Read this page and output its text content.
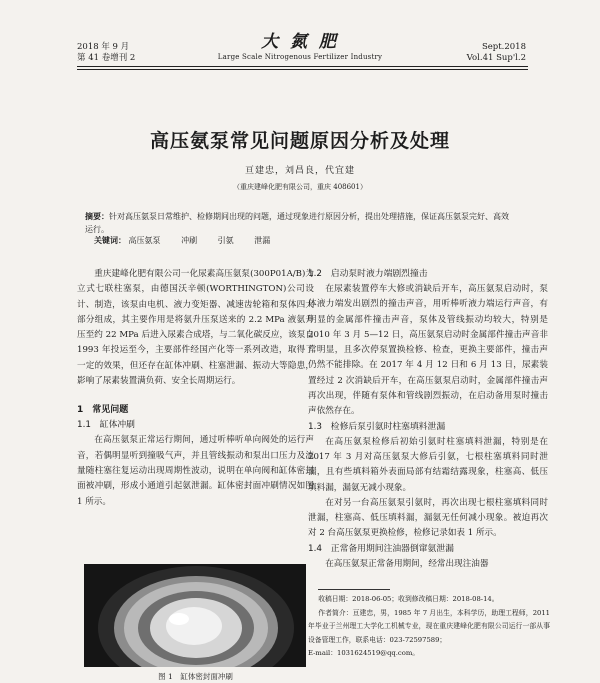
2018 年 9 月
第 41 卷增刊 2
大 氮 肥
Large Scale Nitrogenous Fertilizer Industry
Sept.2018
Vol.41 Sup'l.2
高压氨泵常见问题原因分析及处理
亘建忠，刘昌良，代宜建
（重庆建峰化肥有限公司，重庆 408601）
摘要：针对高压氨泵日常维护、检修期间出现的问题，通过现象进行原因分析，提出处理措施，保证高压氨泵完好、高效运行。
关键词： 高压氨泵	冲刷	引氨	泄漏

重庆建峰化肥有限公司一化尿素高压氨泵(300P01A/B)为立式七联柱塞泵，由德国沃辛顿(WORTHINGTON)公司设计、制造，该泵由电机、液力变矩器、减速齿轮箱和泵体四大部分组成，其主要作用是将氨升压泵送来的 2.2 MPa 液氨升压至约 22 MPa 后进入尿素合成塔，与二氧化碳反应，该泵自 1993 年投运至今，主要部件经国产化等一系列改造，取得了一定的效果，但还存在缸体冲刷、柱塞泄漏、振动大等隐患，影响了尿素装置满负荷、安全长周期运行。

1　常见问题
1.1　缸体冲刷

在高压氨泵正常运行期间，通过听棒听单向阀处的运行声音，若偶明显听到撞吸气声，并且管线振动和泵出口压力及流量随柱塞往复运动出现周期性波动，说明在单向阀和缸体密封面被冲刷，形成小通道引起氨泄漏。缸体密封面冲刷情况如图 1 所示。

图 1　缸体密封面冲刷
1.2　启动泵时液力端剧烈撞击

在尿素装置停车大修或消缺后开车，高压氨泵启动时，泵体液力端发出剧烈的撞击声音，用听棒听液力端运行声音，有明显的金属部件撞击声音，泵体及管线振动均较大，特别是 2010 年 3 月 5—12 日，高压氨泵启动时金属部件撞击声音非常明显，且多次停泵置换检修、检查，更换主要部件，撞击声仍然不能排除。在 2017 年 4 月 12 日和 6 月 13 日，尿素装置经过 2 次消缺后开车，在高压氨泵启动时，金属部件撞击声再次出现，伴随有泵体和管线剧烈振动，在启动备用泵时撞击声依然存在。

1.3　检修后泵引氨时柱塞填料泄漏

在高压氨泵检修后初始引氨时柱塞填料泄漏，特别是在 2017 年 3 月对高压氨泵大修后引氨，七根柱塞填料同时泄漏，且有些填料箱外表面局部有结霜结露现象，柱塞高、低压填料漏，漏氨无减小现象。

在对另一台高压氨泵引氨时，再次出现七根柱塞填料同时泄漏，柱塞高、低压填料漏，漏氨无任何减小现象。被迫再次对 2 台高压氨泵更换检修，检修记录如表 1 所示。

1.4　正常备用期间注油器倒窜氨泄漏

在高压氨泵正常备用期间，经常出现注油器

收稿日期：2018-06-05；收到修改稿日期：2018-08-14。

作者简介：亘建忠，男，1985 年 7 月出生，本科学历，助理工程师，2011 年毕业于兰州理工大学化工机械专业，现在重庆建峰化肥有限公司运行一部从事设备管理工作，联系电话：023-72597589；

E-mail：1031624519@qq.com。
